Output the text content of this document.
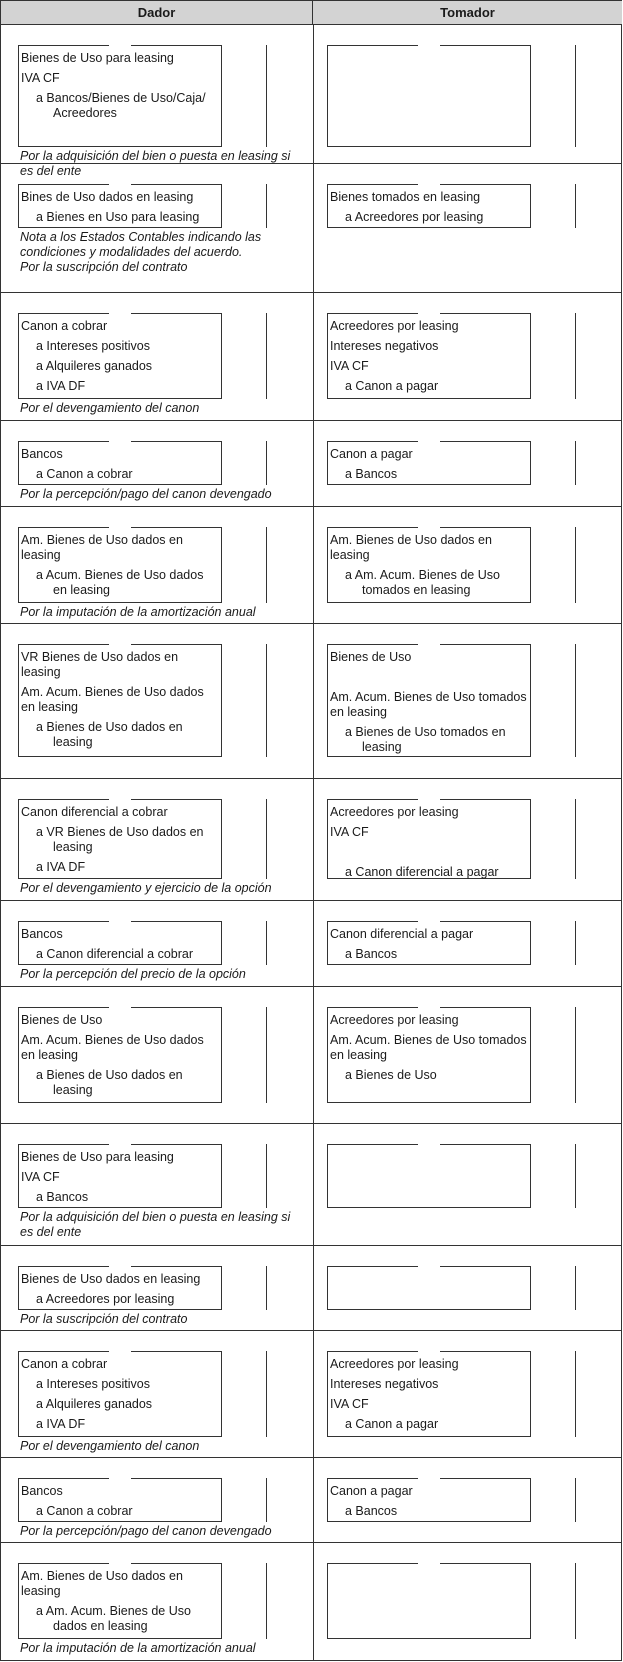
Dador	Tomador
Bienes de Uso para leasing
IVA CF
a Bancos/Bienes de Uso/Caja/ Acreedores
Por la adquisición del bien o puesta en leasing si es del ente
Bines de Uso dados en leasing
a Bienes en Uso para leasing
Nota a los Estados Contables indicando las condiciones y modalidades del acuerdo.
Por la suscripción del contrato
Bienes tomados en leasing
a Acreedores por leasing
Canon a cobrar
a Intereses positivos
a Alquileres ganados
a IVA DF
Por el devengamiento del canon
Acreedores por leasing
Intereses negativos
IVA CF
a Canon a pagar
Bancos
a Canon a cobrar
Por la percepción/pago del canon devengado
Canon a pagar
a Bancos
Am. Bienes de Uso dados en leasing
a Acum. Bienes de Uso dados en leasing
Por la imputación de la amortización anual
Am. Bienes de Uso dados en leasing
a Am. Acum. Bienes de Uso tomados en leasing
VR Bienes de Uso dados en leasing
Am. Acum. Bienes de Uso dados en leasing
a Bienes de Uso dados en leasing
Bienes de Uso
Am. Acum. Bienes de Uso tomados en leasing
a Bienes de Uso tomados en leasing
Canon diferencial a cobrar
a VR Bienes de Uso dados en leasing
a IVA DF
Por el devengamiento y ejercicio de la opción
Acreedores por leasing
IVA CF
a Canon diferencial a pagar
Bancos
a Canon diferencial a cobrar
Por la percepción del precio de la opción
Canon diferencial a pagar
a Bancos
Bienes de Uso
Am. Acum. Bienes de Uso dados en leasing
a Bienes de Uso dados en leasing
Acreedores por leasing
Am. Acum. Bienes de Uso tomados en leasing
a Bienes de Uso
Bienes de Uso para leasing
IVA CF
a Bancos
Por la adquisición del bien o puesta en leasing si es del ente
Bienes de Uso dados en leasing
a Acreedores por leasing
Por la suscripción del contrato
Canon a cobrar
a Intereses positivos
a Alquileres ganados
a IVA DF
Por el devengamiento del canon
Acreedores por leasing
Intereses negativos
IVA CF
a Canon a pagar
Bancos
a Canon a cobrar
Por la percepción/pago del canon devengado
Canon a pagar
a Bancos
Am. Bienes de Uso dados en leasing
a Am. Acum. Bienes de Uso dados en leasing
Por la imputación de la amortización anual
